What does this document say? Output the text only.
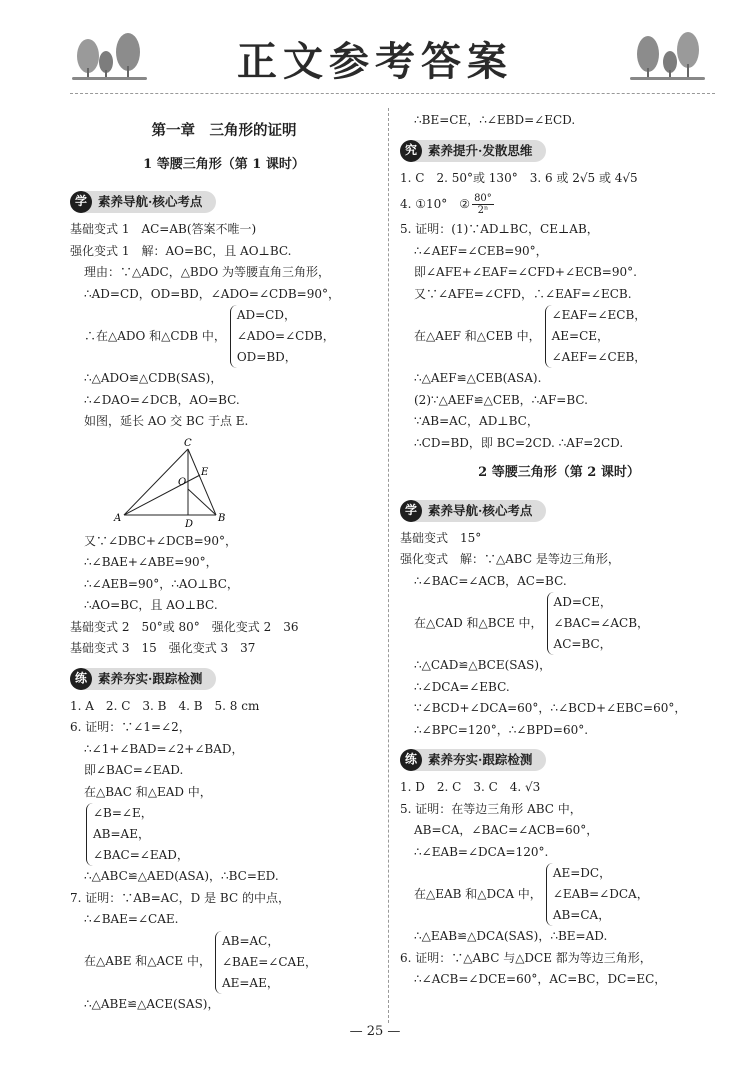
正文参考答案
第一章　三角形的证明
1 等腰三角形（第 1 课时）
学 素养导航·核心考点
基础变式 1　AC=AB(答案不唯一)
强化变式 1　解：AO=BC，且 AO⊥BC.
理由：∵△ADC，△BDO 为等腰直角三角形，
∴AD=CD，OD=BD，∠ADO=∠CDB=90°，
∴在△ADO 和△CDB 中，
AD=CD，
∠ADO=∠CDB，
OD=BD，
∴△ADO≌△CDB(SAS)，
∴∠DAO=∠DCB，AO=BC.
如图，延长 AO 交 BC 于点 E.
C
O
E
A
D
B
又∵∠DBC+∠DCB=90°，
∴∠BAE+∠ABE=90°，
∴∠AEB=90°，∴AO⊥BC，
∴AO=BC，且 AO⊥BC.
基础变式 2　50°或 80°　强化变式 2　36
基础变式 3　15　强化变式 3　37
练 素养夯实·跟踪检测
1. A　2. C　3. B　4. B　5. 8 cm
6. 证明：∵∠1=∠2，
∴∠1+∠BAD=∠2+∠BAD，
即∠BAC=∠EAD.
在△BAC 和△EAD 中，
∠B=∠E，
AB=AE，
∠BAC=∠EAD，
∴△ABC≌△AED(ASA)，∴BC=ED.
7. 证明：∵AB=AC，D 是 BC 的中点，
∴∠BAE=∠CAE.
在△ABE 和△ACE 中，
AB=AC，
∠BAE=∠CAE，
AE=AE，
∴△ABE≌△ACE(SAS)，
∴BE=CE，∴∠EBD=∠ECD.
究 素养提升·发散思维
1. C　2. 50°或 130°　3. 6 或 2√5 或 4√5
4. ①10°　② $\frac{80^\circ}{\text{2ⁿ}}$
5. 证明：(1)∵AD⊥BC，CE⊥AB，
∴∠AEF=∠CEB=90°，
即∠AFE+∠EAF=∠CFD+∠ECB=90°.
又∵∠AFE=∠CFD，∴∠EAF=∠ECB.
在△AEF 和△CEB 中，
∠EAF=∠ECB，
AE=CE，
∠AEF=∠CEB，
∴△AEF≌△CEB(ASA).
(2)∵△AEF≌△CEB，∴AF=BC.
∵AB=AC，AD⊥BC，
∴CD=BD，即 BC=2CD. ∴AF=2CD.
2 等腰三角形（第 2 课时）
学 素养导航·核心考点
基础变式　15°
强化变式　解：∵△ABC 是等边三角形，
∴∠BAC=∠ACB，AC=BC.
在△CAD 和△BCE 中，
AD=CE，
∠BAC=∠ACB，
AC=BC，
∴△CAD≌△BCE(SAS)，
∴∠DCA=∠EBC.
∵∠BCD+∠DCA=60°，∴∠BCD+∠EBC=60°，
∴∠BPC=120°，∴∠BPD=60°.
练 素养夯实·跟踪检测
1. D　2. C　3. C　4. √3
5. 证明：在等边三角形 ABC 中，
AB=CA，∠BAC=∠ACB=60°，
∴∠EAB=∠DCA=120°.
在△EAB 和△DCA 中，
AE=DC，
∠EAB=∠DCA，
AB=CA，
∴△EAB≌△DCA(SAS)，∴BE=AD.
6. 证明：∵△ABC 与△DCE 都为等边三角形，
∴∠ACB=∠DCE=60°，AC=BC，DC=EC，
— 25 —
